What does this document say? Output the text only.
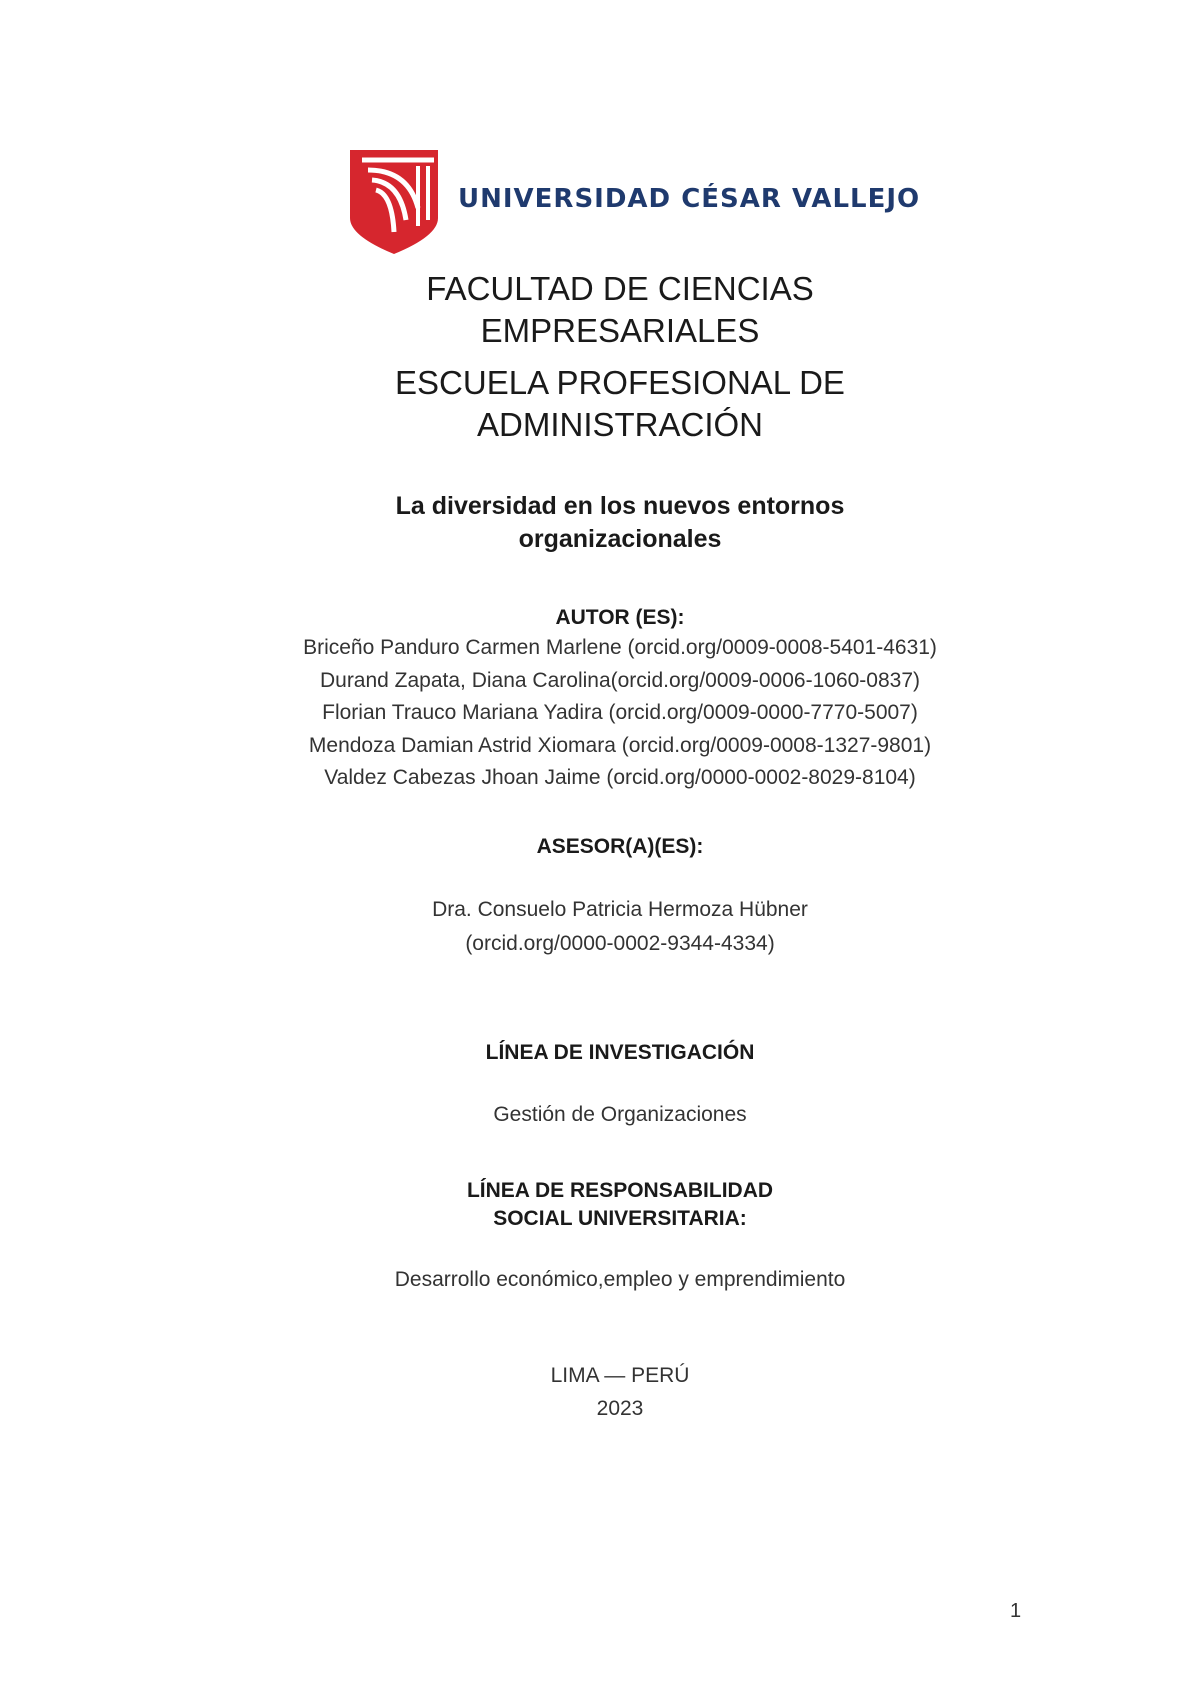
UNIVERSIDAD CÉSAR VALLEJO
FACULTAD DE CIENCIAS
EMPRESARIALES
ESCUELA PROFESIONAL DE
ADMINISTRACIÓN
La diversidad en los nuevos entornos
organizacionales
AUTOR (ES):
Briceño Panduro Carmen Marlene (orcid.org/0009-0008-5401-4631)
Durand Zapata, Diana Carolina(orcid.org/0009-0006-1060-0837)
Florian Trauco Mariana Yadira (orcid.org/0009-0000-7770-5007)
Mendoza Damian Astrid Xiomara (orcid.org/0009-0008-1327-9801)
Valdez Cabezas Jhoan Jaime (orcid.org/0000-0002-8029-8104)
ASESOR(A)(ES):
Dra. Consuelo Patricia Hermoza Hübner
(orcid.org/0000-0002-9344-4334)
LÍNEA DE INVESTIGACIÓN
Gestión de Organizaciones
LÍNEA DE RESPONSABILIDAD
SOCIAL UNIVERSITARIA:
Desarrollo económico,empleo y emprendimiento
LIMA — PERÚ
2023
1
